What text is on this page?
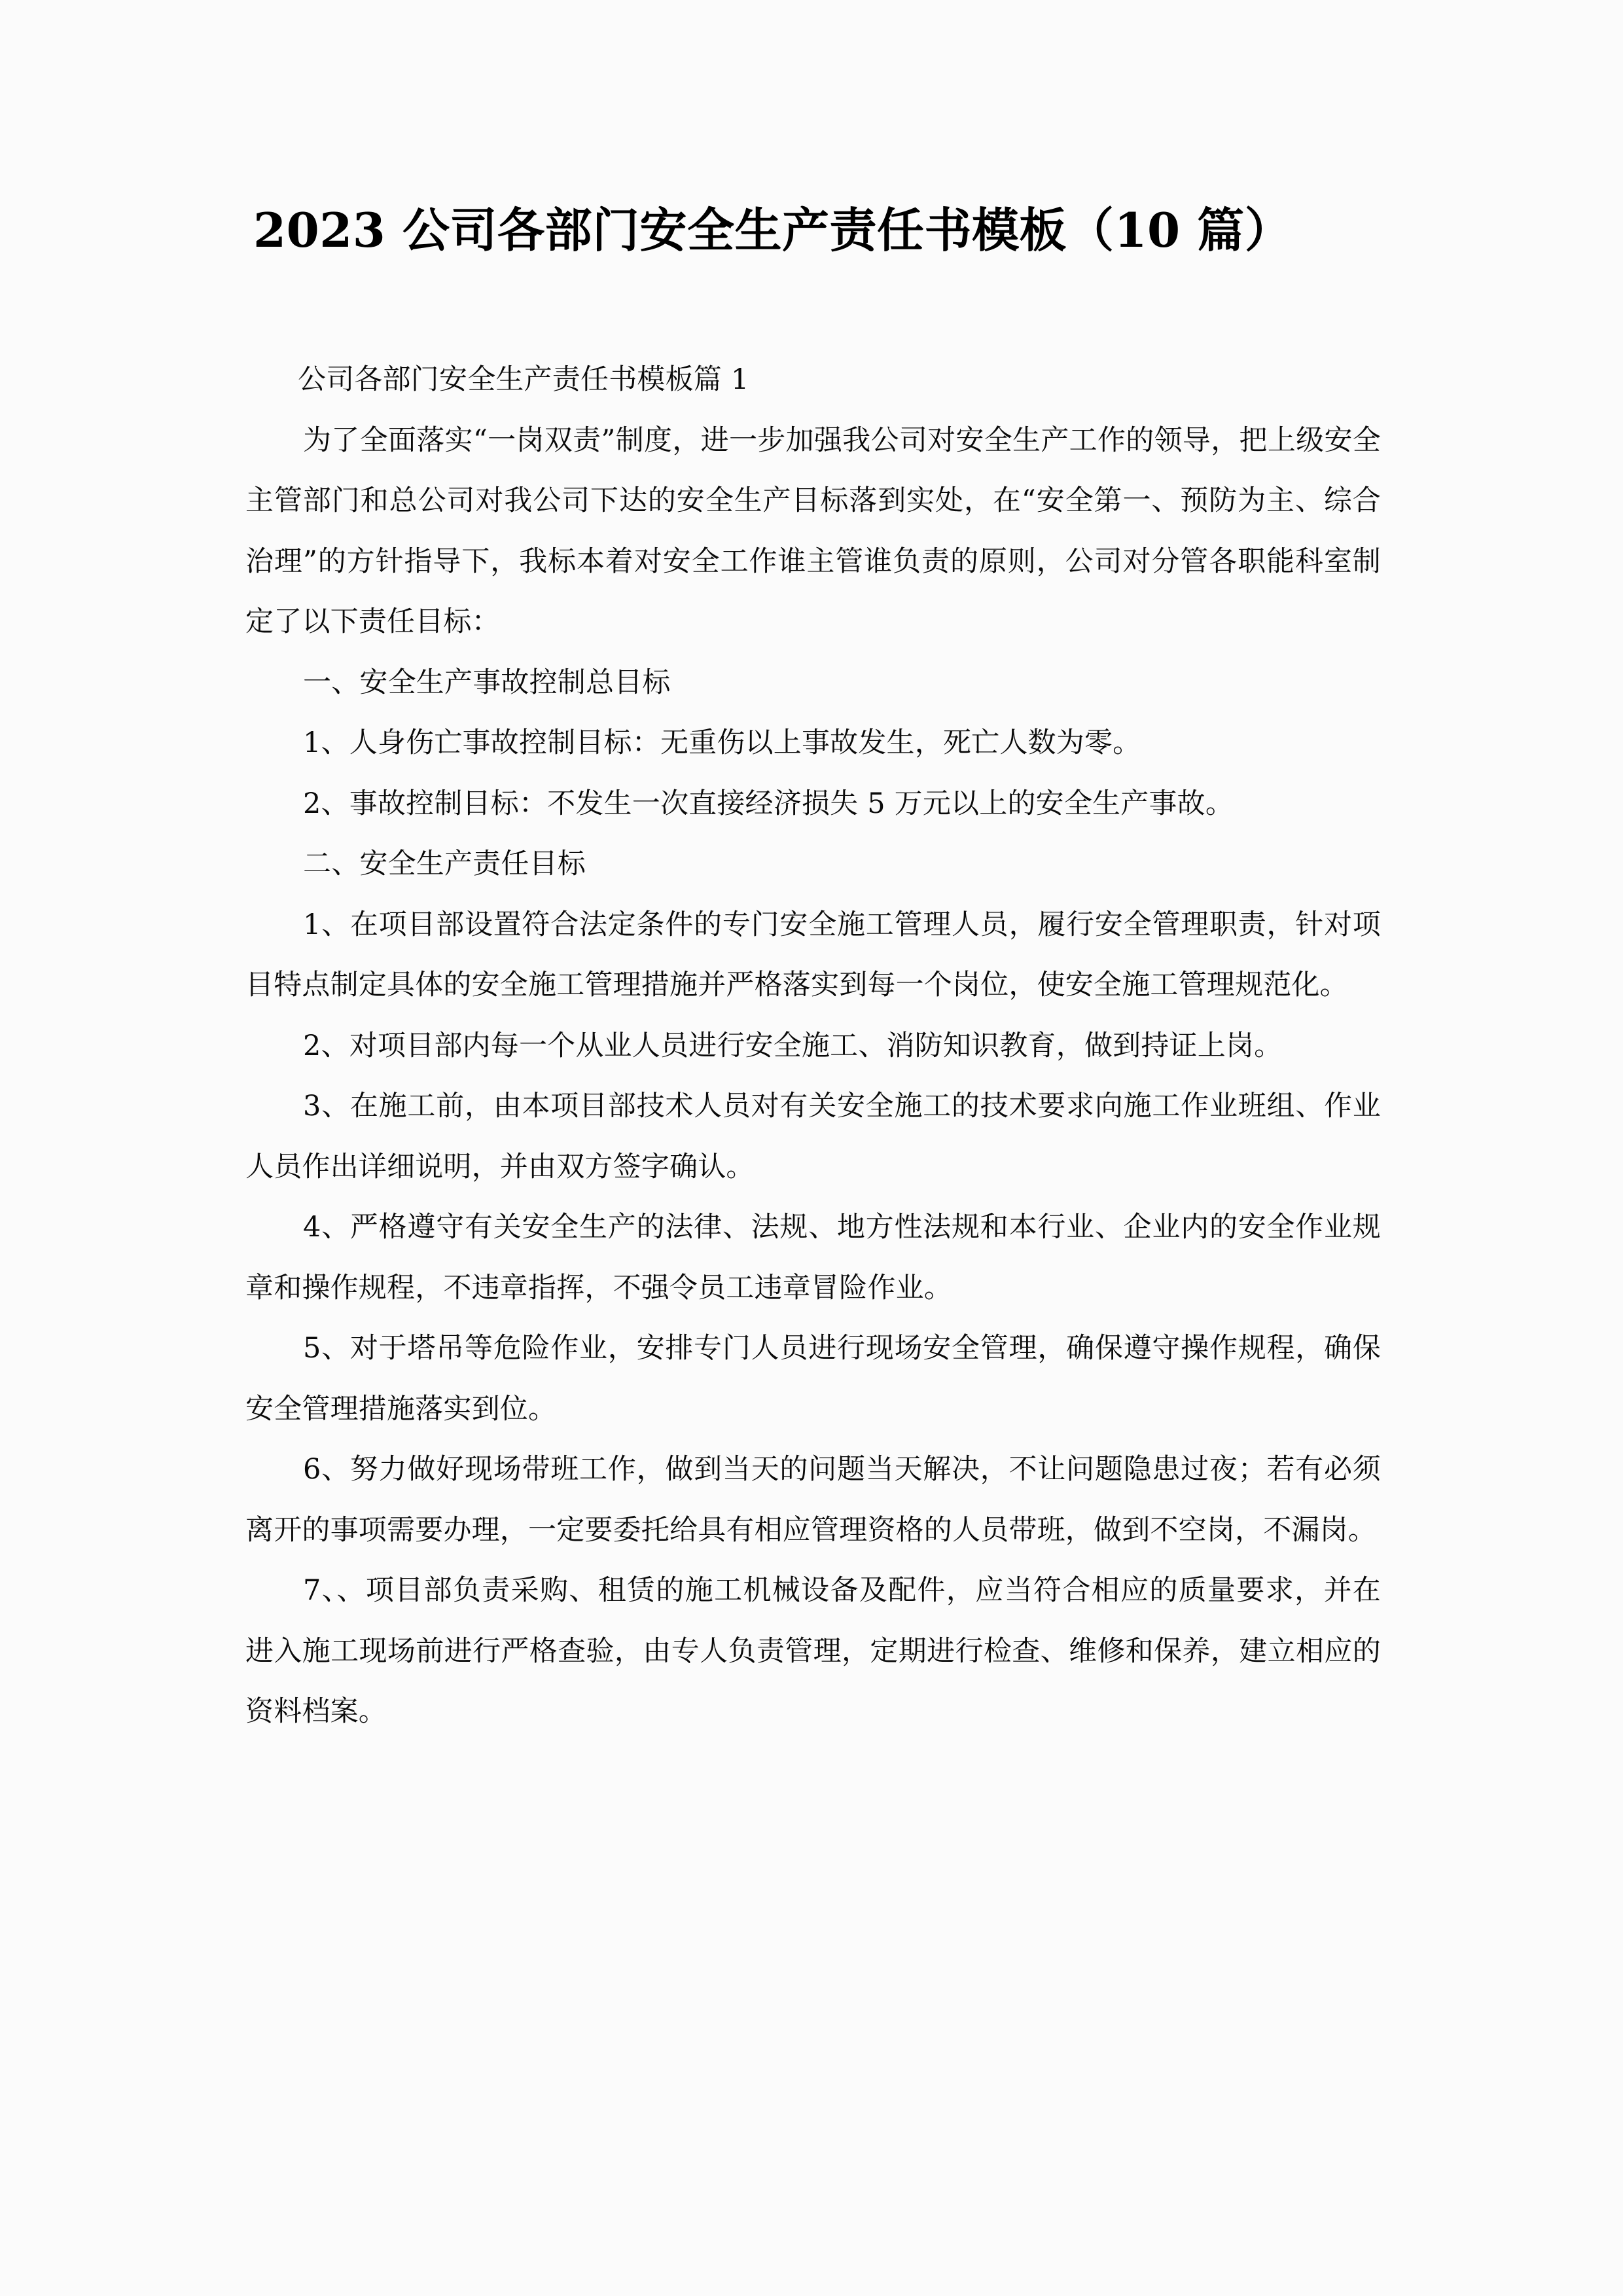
2023 公司各部门安全生产责任书模板（10 篇）

公司各部门安全生产责任书模板篇 1

为了全面落实“一岗双责”制度，进一步加强我公司对安全生产工作的领导，把上级安全主管部门和总公司对我公司下达的安全生产目标落到实处，在“安全第一、预防为主、综合治理”的方针指导下，我标本着对安全工作谁主管谁负责的原则，公司对分管各职能科室制定了以下责任目标：

一、安全生产事故控制总目标

1、人身伤亡事故控制目标：无重伤以上事故发生，死亡人数为零。

2、事故控制目标：不发生一次直接经济损失 5 万元以上的安全生产事故。

二、安全生产责任目标

1、在项目部设置符合法定条件的专门安全施工管理人员，履行安全管理职责，针对项目特点制定具体的安全施工管理措施并严格落实到每一个岗位，使安全施工管理规范化。

2、对项目部内每一个从业人员进行安全施工、消防知识教育，做到持证上岗。

3、在施工前，由本项目部技术人员对有关安全施工的技术要求向施工作业班组、作业人员作出详细说明，并由双方签字确认。

4、严格遵守有关安全生产的法律、法规、地方性法规和本行业、企业内的安全作业规章和操作规程，不违章指挥，不强令员工违章冒险作业。

5、对于塔吊等危险作业，安排专门人员进行现场安全管理，确保遵守操作规程，确保安全管理措施落实到位。

6、努力做好现场带班工作，做到当天的问题当天解决，不让问题隐患过夜；若有必须离开的事项需要办理，一定要委托给具有相应管理资格的人员带班，做到不空岗，不漏岗。

7、、项目部负责采购、租赁的施工机械设备及配件，应当符合相应的质量要求，并在进入施工现场前进行严格查验，由专人负责管理，定期进行检查、维修和保养，建立相应的资料档案。
